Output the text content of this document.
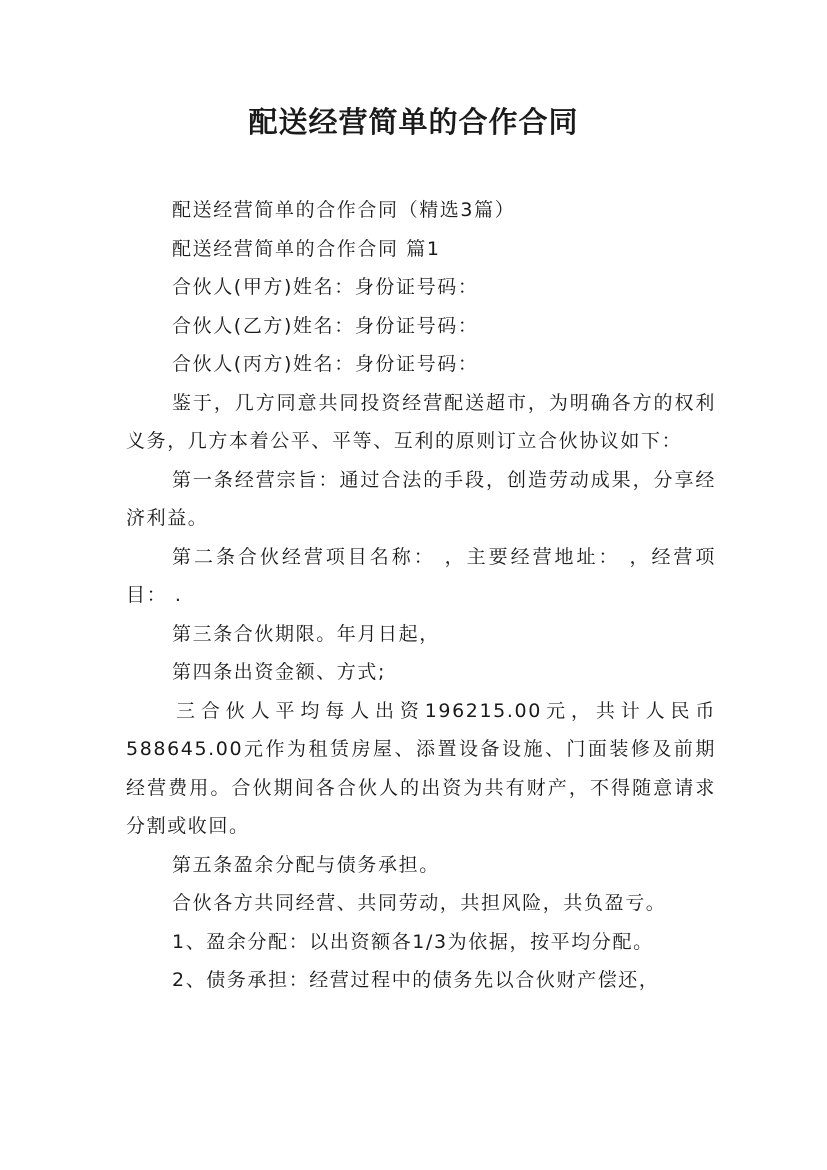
配送经营简单的合作合同

配送经营简单的合作合同（精选3篇）

配送经营简单的合作合同 篇1

合伙人(甲方)姓名：身份证号码：

合伙人(乙方)姓名：身份证号码：

合伙人(丙方)姓名：身份证号码：

鉴于，几方同意共同投资经营配送超市，为明确各方的权利义务，几方本着公平、平等、互利的原则订立合伙协议如下：

第一条经营宗旨：通过合法的手段，创造劳动成果，分享经济利益。

第二条合伙经营项目名称： ，主要经营地址： ，经营项目： .

第三条合伙期限。年月日起，

第四条出资金额、方式;

三合伙人平均每人出资196215.00元，共计人民币588645.00元作为租赁房屋、添置设备设施、门面装修及前期经营费用。合伙期间各合伙人的出资为共有财产，不得随意请求分割或收回。

第五条盈余分配与债务承担。

合伙各方共同经营、共同劳动，共担风险，共负盈亏。

1、盈余分配：以出资额各1/3为依据，按平均分配。

2、债务承担：经营过程中的债务先以合伙财产偿还，
